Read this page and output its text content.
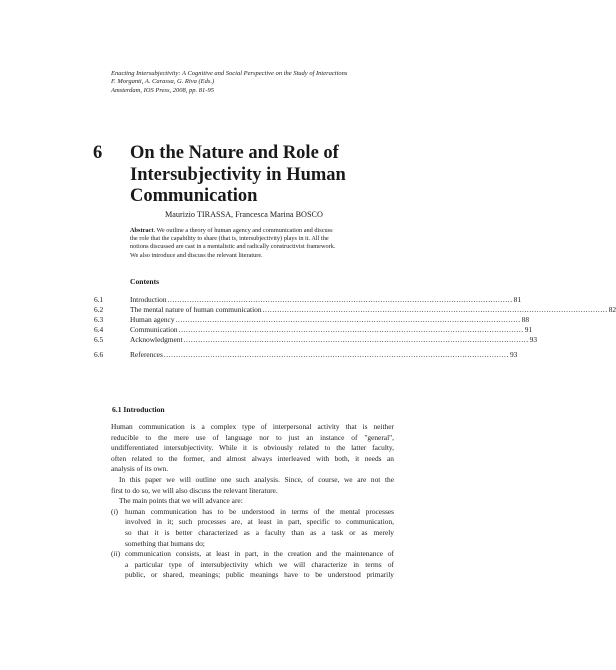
Enacting Intersubjectivity: A Cognitive and Social Perspective on the Study of Interactions
F. Morganti, A. Carassa, G. Riva (Eds.)
Amsterdam, IOS Press, 2008, pp. 81-95
6 On the Nature and Role of
Intersubjectivity in Human
Communication
Maurizio TIRASSA, Francesca Marina BOSCO
Abstract. We outline a theory of human agency and communication and discuss
the role that the capability to share (that is, intersubjectivity) plays in it. All the
notions discussed are cast in a mentalistic and radically constructivist framework.
We also introduce and discuss the relevant literature.
Contents
6.1	Introduction ............................................................................................................................................. 81
6.2	The mental nature of human communication ............................................................................................................................................. 82
6.3	Human agency ............................................................................................................................................. 88
6.4	Communication ............................................................................................................................................. 91
6.5	Acknowledgment ............................................................................................................................................. 93
6.6	References ............................................................................................................................................. 93
6.1 Introduction
Human communication is a complex type of interpersonal activity that is neither
reducible to the mere use of language nor to just an instance of "general",
undifferentiated intersubjectivity. While it is obviously related to the latter faculty,
often related to the former, and almost always interleaved with both, it needs an
analysis of its own.
In this paper we will outline one such analysis. Since, of course, we are not the
first to do so, we will also discuss the relevant literature.
The main points that we will advance are:
(i) human communication has to be understood in terms of the mental processes
involved in it; such processes are, at least in part, specific to communication,
so that it is better characterized as a faculty than as a task or as merely
something that humans do;
(ii) communication consists, at least in part, in the creation and the maintenance of
a particular type of intersubjectivity which we will characterize in terms of
public, or shared, meanings; public meanings have to be understood primarily
